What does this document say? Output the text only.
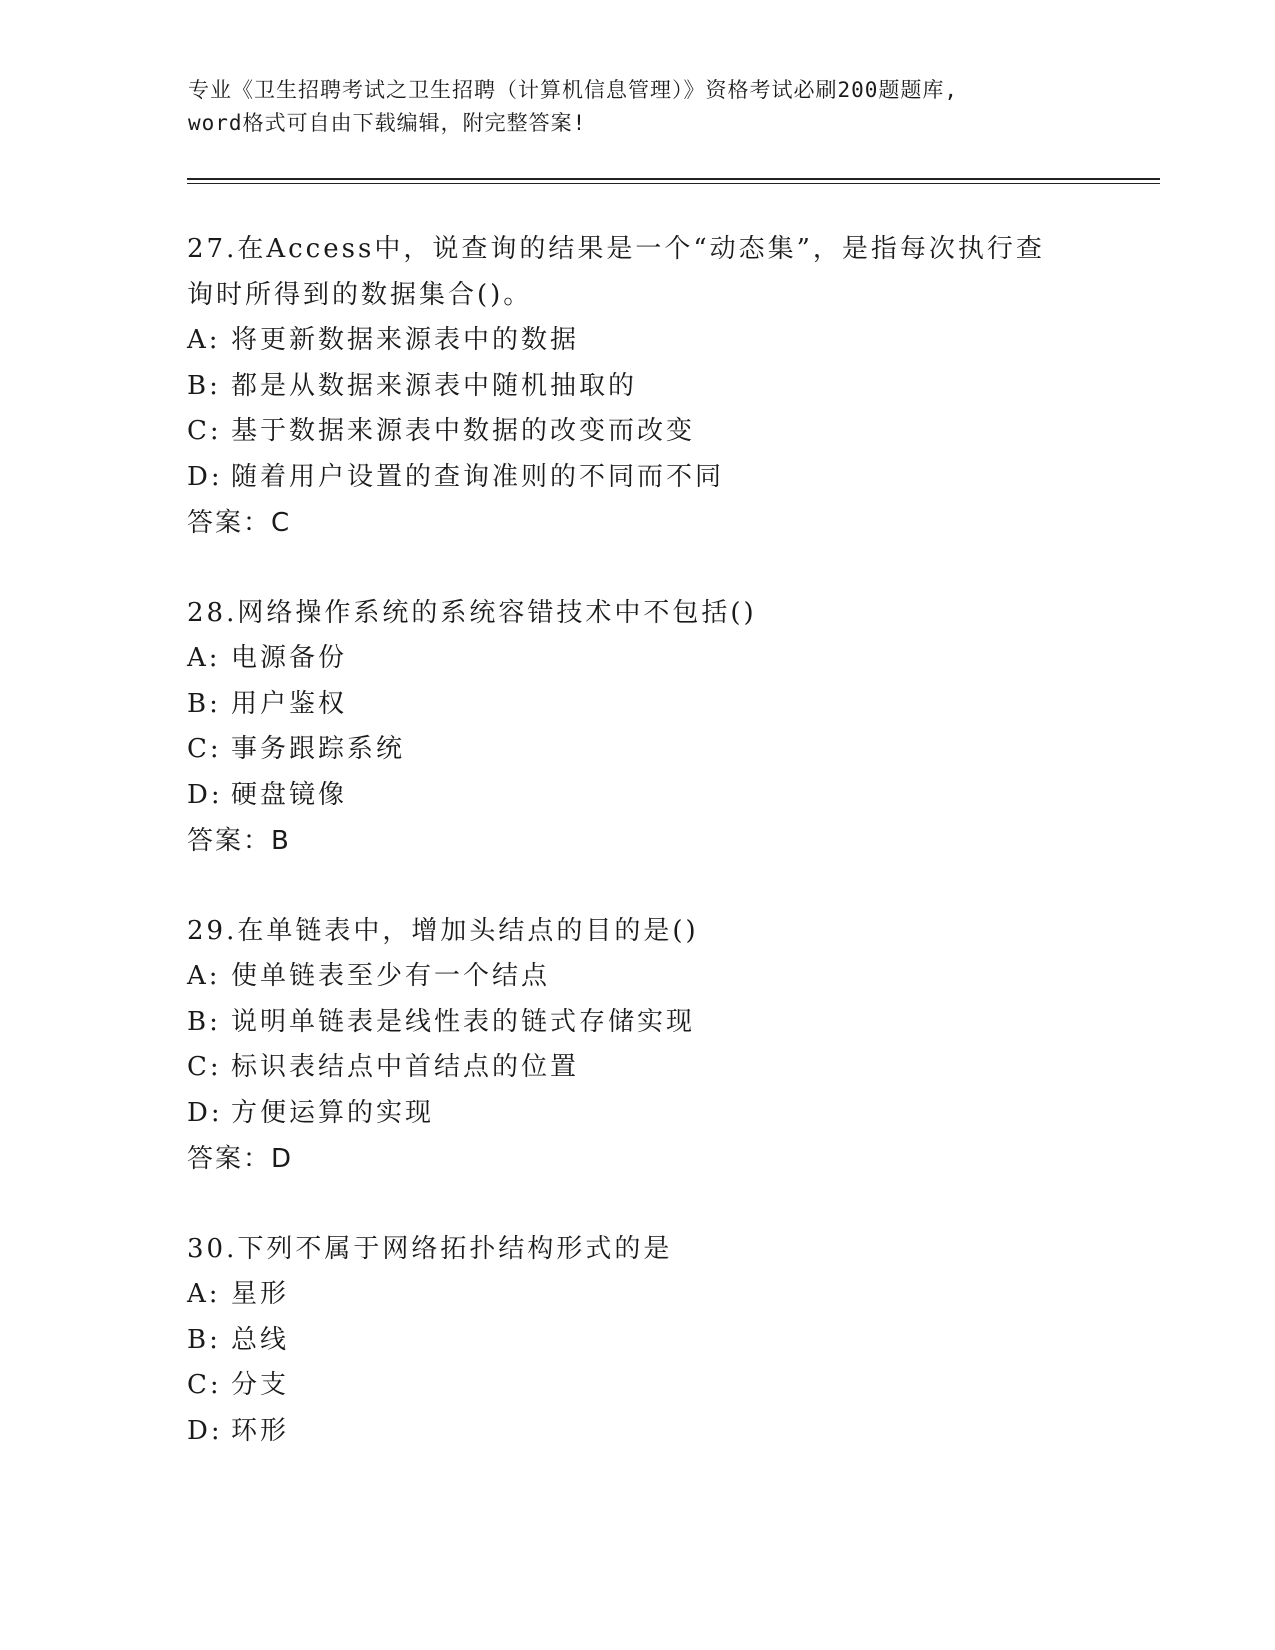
专业《卫生招聘考试之卫生招聘（计算机信息管理）》资格考试必刷200题题库,
word格式可自由下载编辑，附完整答案!
27.在Access中，说查询的结果是一个“动态集”，是指每次执行查询时所得到的数据集合()。
A: 将更新数据来源表中的数据
B: 都是从数据来源表中随机抽取的
C: 基于数据来源表中数据的改变而改变
D: 随着用户设置的查询准则的不同而不同
答案：C
28.网络操作系统的系统容错技术中不包括()
A: 电源备份
B: 用户鉴权
C: 事务跟踪系统
D: 硬盘镜像
答案：B
29.在单链表中，增加头结点的目的是()
A: 使单链表至少有一个结点
B: 说明单链表是线性表的链式存储实现
C: 标识表结点中首结点的位置
D: 方便运算的实现
答案：D
30.下列不属于网络拓扑结构形式的是
A: 星形
B: 总线
C: 分支
D: 环形
